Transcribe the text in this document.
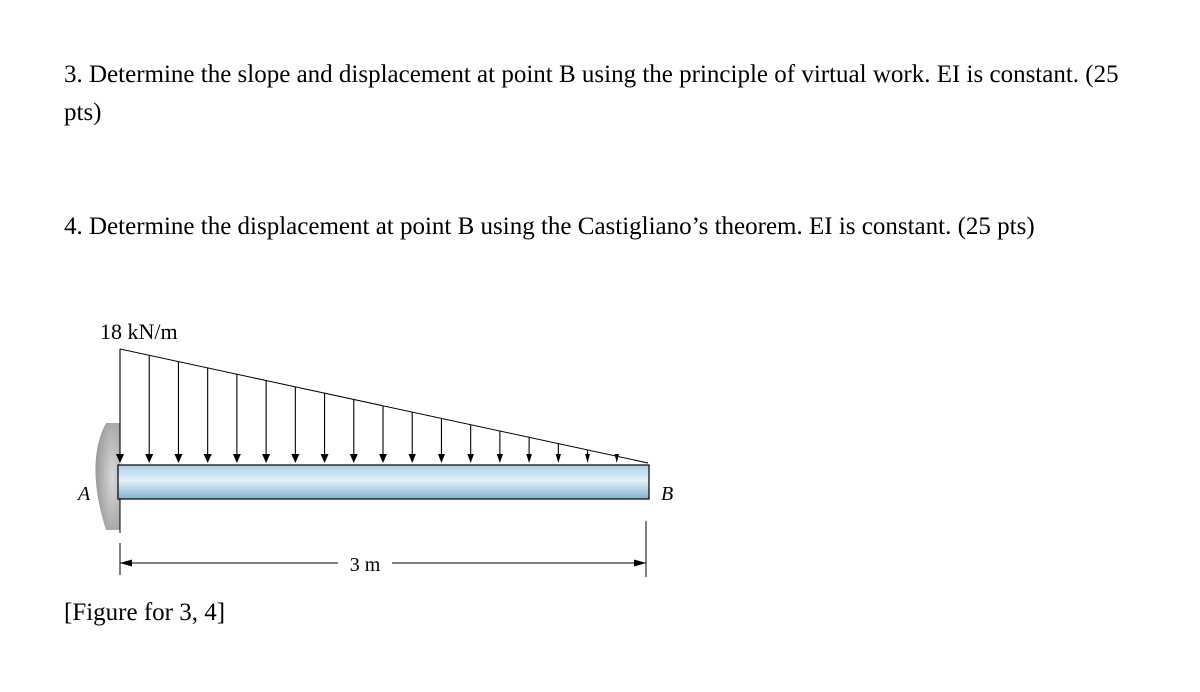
3. Determine the slope and displacement at point B using the principle of virtual work. EI is constant. (25 pts)

4. Determine the displacement at point B using the Castigliano’s theorem. EI is constant. (25 pts)

18 kN/m
A	B
3 m

[Figure for 3, 4]
